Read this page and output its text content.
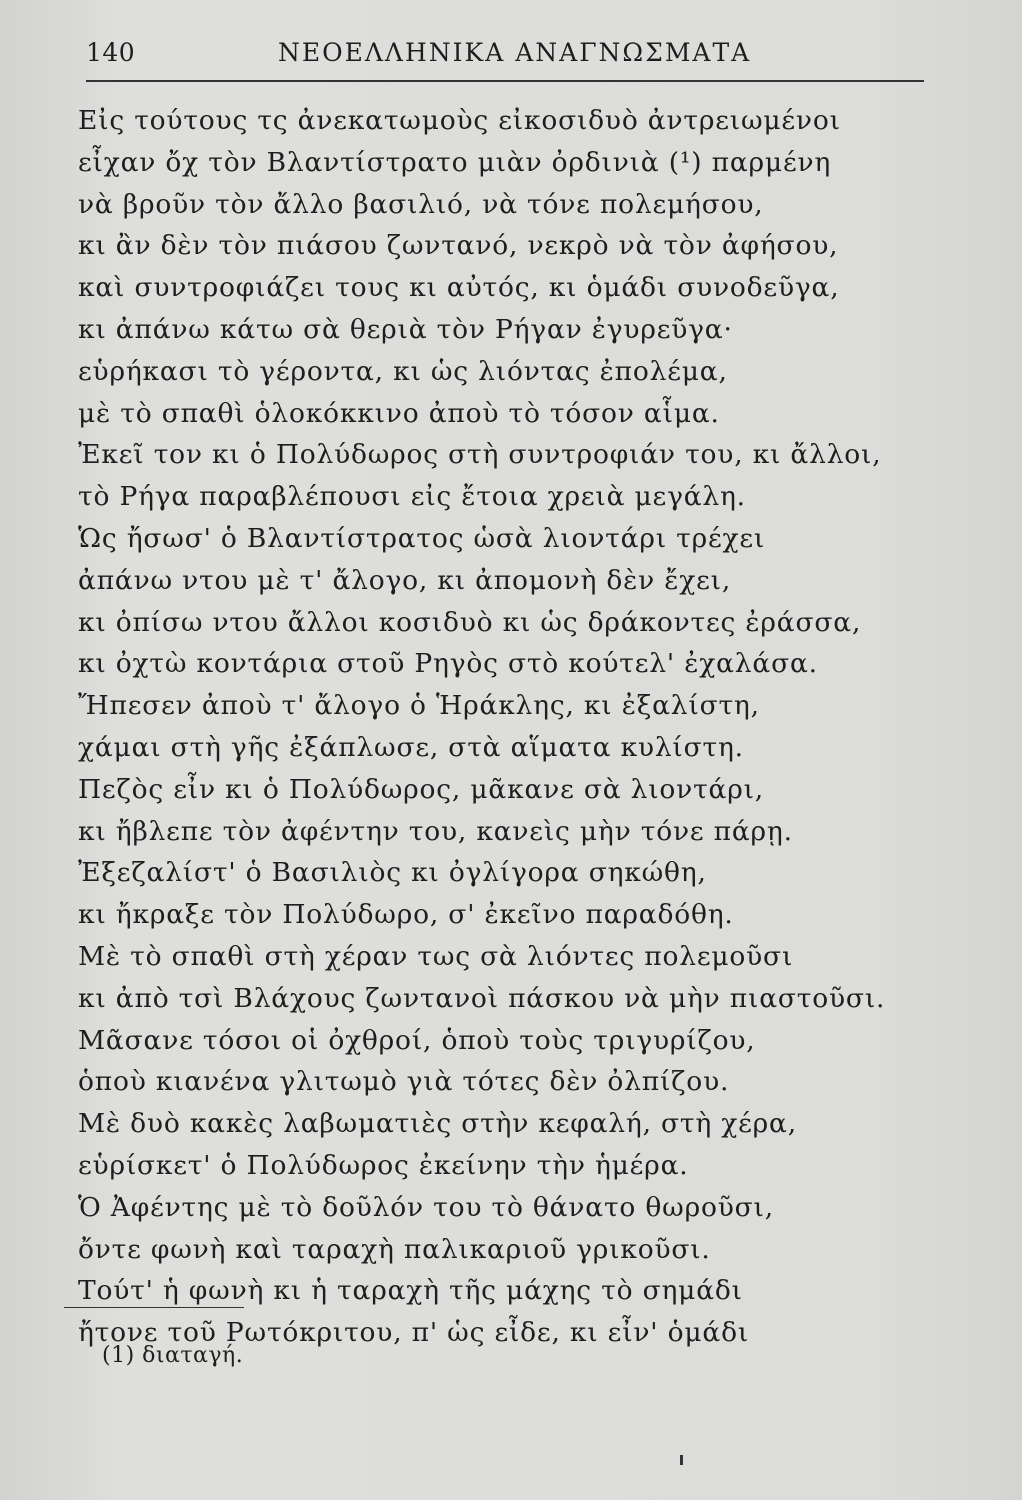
140	ΝΕΟΕΛΛΗΝΙΚΑ ΑΝΑΓΝΩΣΜΑΤΑ
Εἰς τούτους τς ἀνεκατωμοὺς εἰκοσιδυὸ ἀντρειωμένοι
εἶχαν ὄχ τὸν Βλαντίστρατο μιὰν ὀρδινιὰ (¹) παρμένη
νὰ βροῦν τὸν ἄλλο βασιλιό, νὰ τόνε πολεμήσου,
κι ἂν δὲν τὸν πιάσου ζωντανό, νεκρὸ νὰ τὸν ἀφήσου,
καὶ συντροφιάζει τους κι αὐτός, κι ὁμάδι συνοδεῦγα,
κι ἀπάνω κάτω σὰ θεριὰ τὸν Ρήγαν ἐγυρεῦγα·
εὑρήκασι τὸ γέροντα, κι ὡς λιόντας ἐπολέμα,
μὲ τὸ σπαθὶ ὁλοκόκκινο ἀποὺ τὸ τόσον αἷμα.
Ἐκεῖ τον κι ὁ Πολύδωρος στὴ συντροφιάν του, κι ἄλλοι,
τὸ Ρήγα παραβλέπουσι εἰς ἔτοια χρειὰ μεγάλη.
Ὡς ἤσωσ' ὁ Βλαντίστρατος ὡσὰ λιοντάρι τρέχει
ἀπάνω ντου μὲ τ' ἄλογο, κι ἀπομονὴ δὲν ἔχει,
κι ὀπίσω ντου ἄλλοι κοσιδυὸ κι ὡς δράκοντες ἐράσσα,
κι ὀχτὼ κοντάρια στοῦ Ρηγὸς στὸ κούτελ' ἐχαλάσα.
Ἤπεσεν ἀποὺ τ' ἄλογο ὁ Ἡράκλης, κι ἐξαλίστη,
χάμαι στὴ γῆς ἐξάπλωσε, στὰ αἵματα κυλίστη.
Πεζὸς εἶν κι ὁ Πολύδωρος, μᾶκανε σὰ λιοντάρι,
κι ἤβλεπε τὸν ἀφέντην του, κανεὶς μὴν τόνε πάρῃ.
Ἐξεζαλίστ' ὁ Βασιλιὸς κι ὀγλίγορα σηκώθη,
κι ἤκραξε τὸν Πολύδωρο, σ' ἐκεῖνο παραδόθη.
Μὲ τὸ σπαθὶ στὴ χέραν τως σὰ λιόντες πολεμοῦσι
κι ἀπὸ τσὶ Βλάχους ζωντανοὶ πάσκου νὰ μὴν πιαστοῦσι.
Μᾶσανε τόσοι οἱ ὀχθροί, ὁποὺ τοὺς τριγυρίζου,
ὁποὺ κιανένα γλιτωμὸ γιὰ τότες δὲν ὀλπίζου.
Μὲ δυὸ κακὲς λαβωματιὲς στὴν κεφαλή, στὴ χέρα,
εὑρίσκετ' ὁ Πολύδωρος ἐκείνην τὴν ἡμέρα.
Ὁ Ἀφέντης μὲ τὸ δοῦλόν του τὸ θάνατο θωροῦσι,
ὄντε φωνὴ καὶ ταραχὴ παλικαριοῦ γρικοῦσι.
Τούτ' ἡ φωνὴ κι ἡ ταραχὴ τῆς μάχης τὸ σημάδι
ἤτονε τοῦ Ρωτόκριτου, π' ὡς εἶδε, κι εἶν' ὁμάδι
(1) διαταγή.
